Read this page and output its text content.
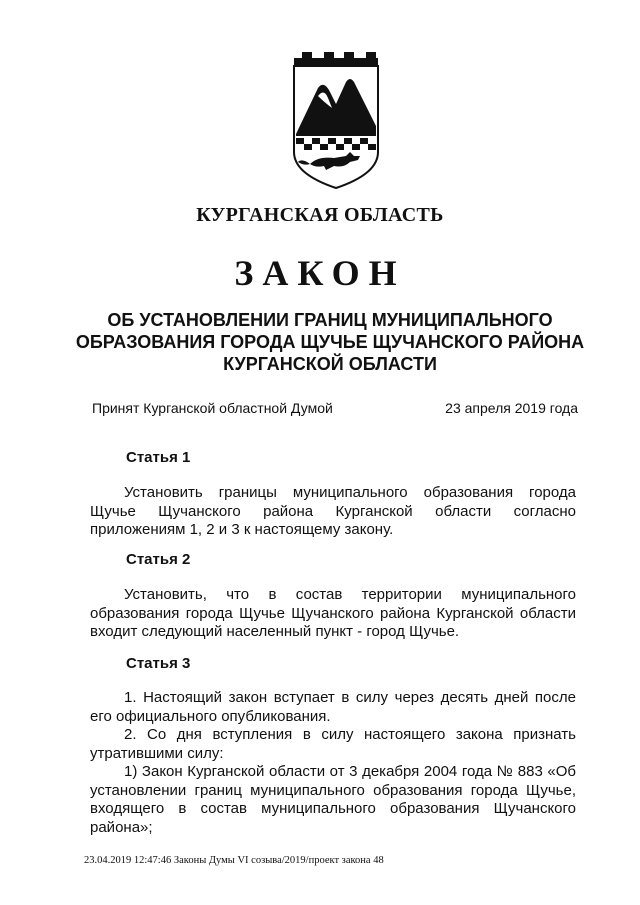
КУРГАНСКАЯ ОБЛАСТЬ
ЗАКОН
ОБ УСТАНОВЛЕНИИ ГРАНИЦ МУНИЦИПАЛЬНОГО
ОБРАЗОВАНИЯ ГОРОДА ЩУЧЬЕ ЩУЧАНСКОГО РАЙОНА
КУРГАНСКОЙ ОБЛАСТИ
Принят Курганской областной Думой	23 апреля 2019 года
Статья 1

Установить границы муниципального образования города Щучье Щучанского района Курганской области согласно приложениям 1, 2 и 3 к настоящему закону.

Статья 2

Установить, что в состав территории муниципального образования города Щучье Щучанского района Курганской области входит следующий населенный пункт - город Щучье.

Статья 3

1. Настоящий закон вступает в силу через десять дней после его официального опубликования.

2. Со дня вступления в силу настоящего закона признать утратившими силу:

1) Закон Курганской области от 3 декабря 2004 года № 883 «Об установлении границ муниципального образования города Щучье, входящего в состав муниципального образования Щучанского района»;

23.04.2019 12:47:46 Законы Думы VI созыва/2019/проект закона 48
